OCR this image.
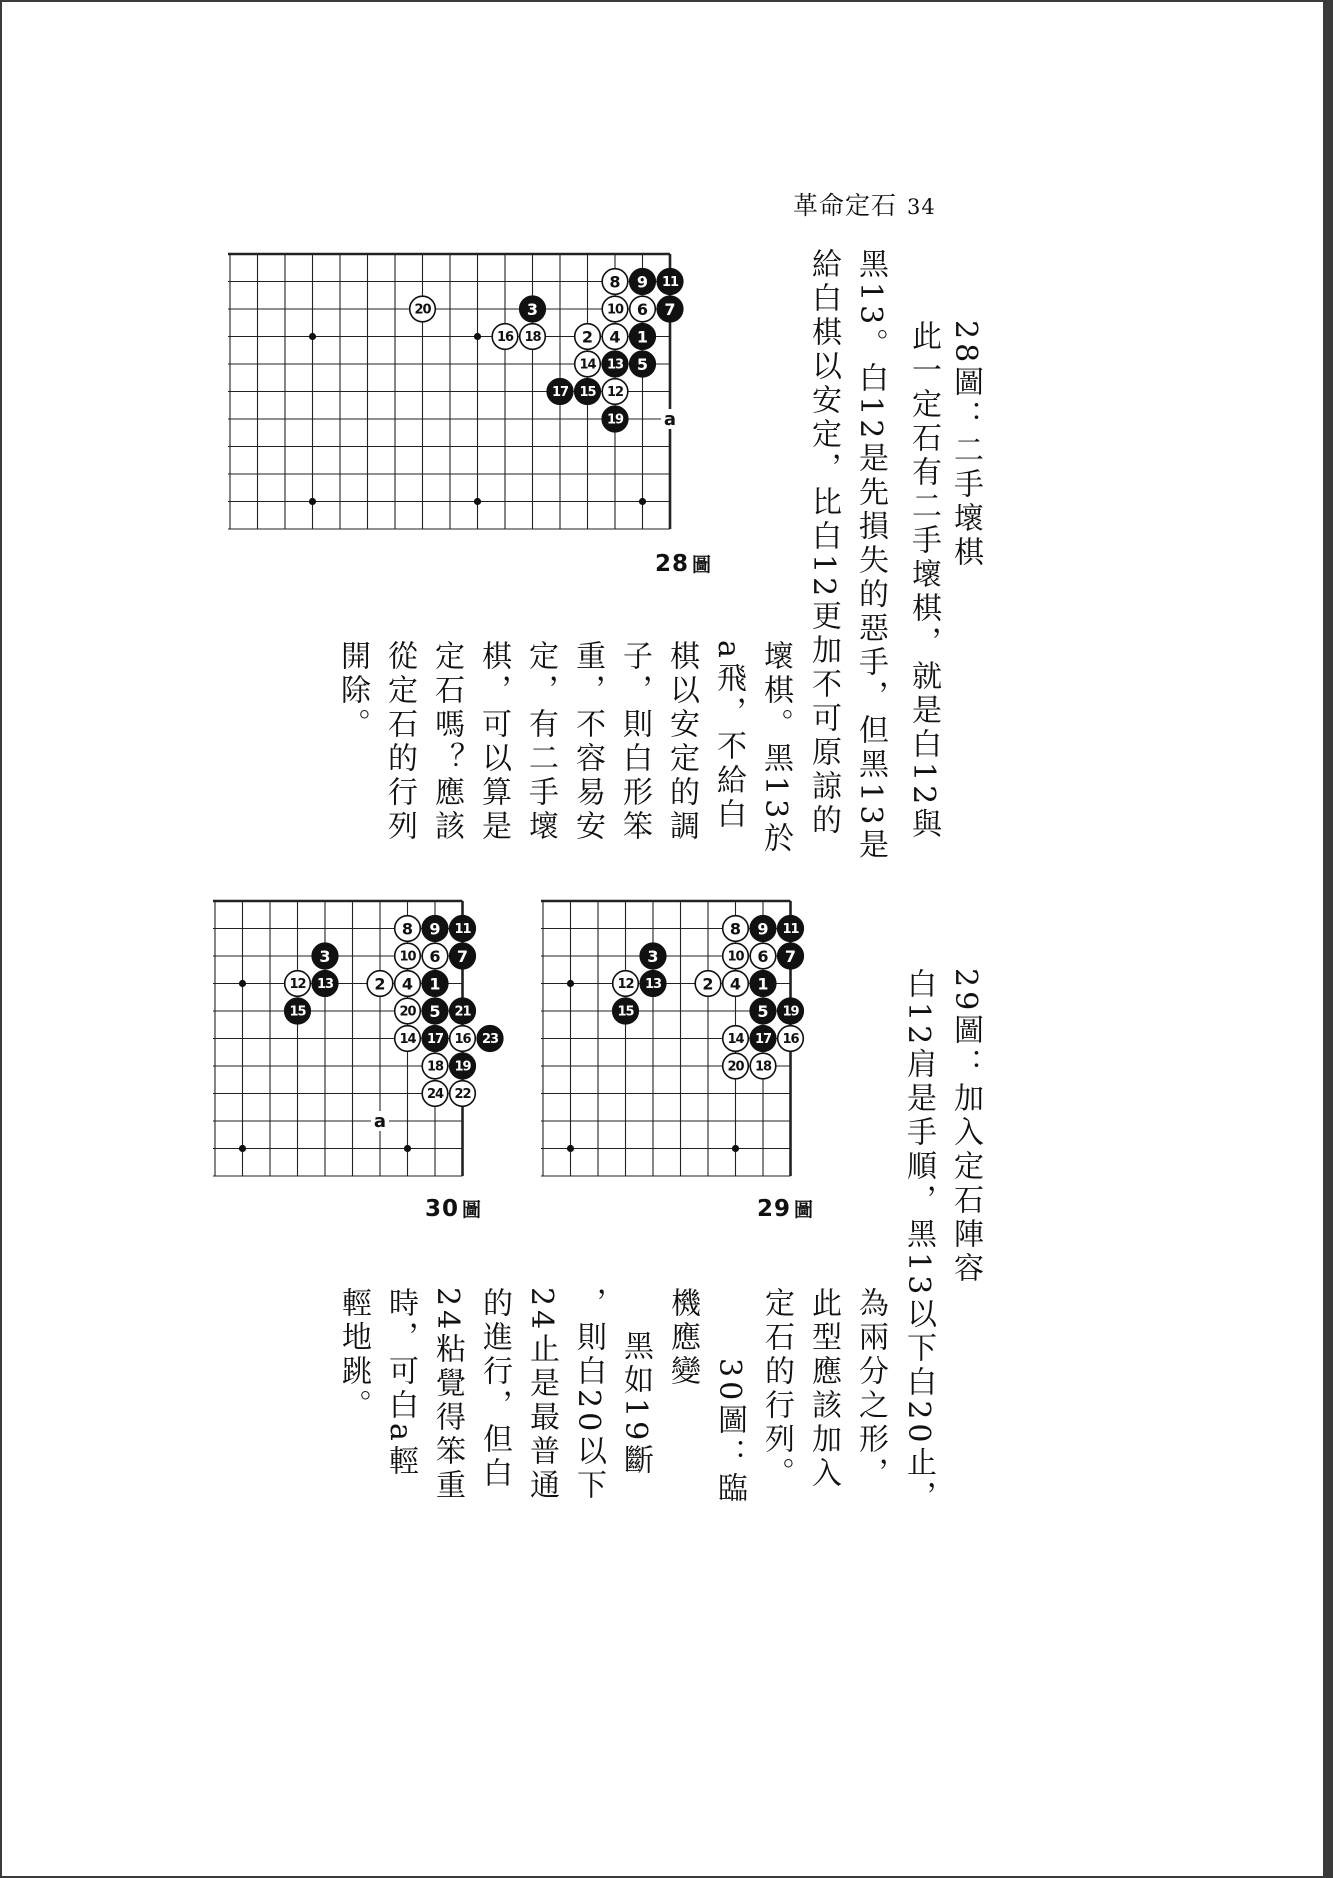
革命定石 34
28圖：二手壞棋
此一定石有二手壞棋，就是白12與
黑13。白12是先損失的惡手，但黑13是
給白棋以安定，比白12更加不可原諒的
壞棋。黑13於
a飛，不給白
棋以安定的調
子，則白形笨
重，不容易安
定，有二手壞
棋，可以算是
定石嗎？應該
從定石的行列
開除。
29圖：加入定石陣容
白12肩是手順，黑13以下白20止，
為兩分之形，
此型應該加入
定石的行列。
30圖：臨
機應變
黑如19斷
，則白20以下
24止是最普通
的進行，但白
24粘覺得笨重
時，可白a輕
輕地跳。
a
8 9 11
20	3	10 6 7
16 18	2 4 1
14 13 5
17 15 12
19
28 圖
a
8 9 11
3	10 6 7
12 13	2 4 1
15	20 5 21
14 17 16 23
18 19
24 22
30 圖
8 9 11
3	10 6 7
12 13	2 4 1
15	5 19
14 17 16
20 18
29 圖
